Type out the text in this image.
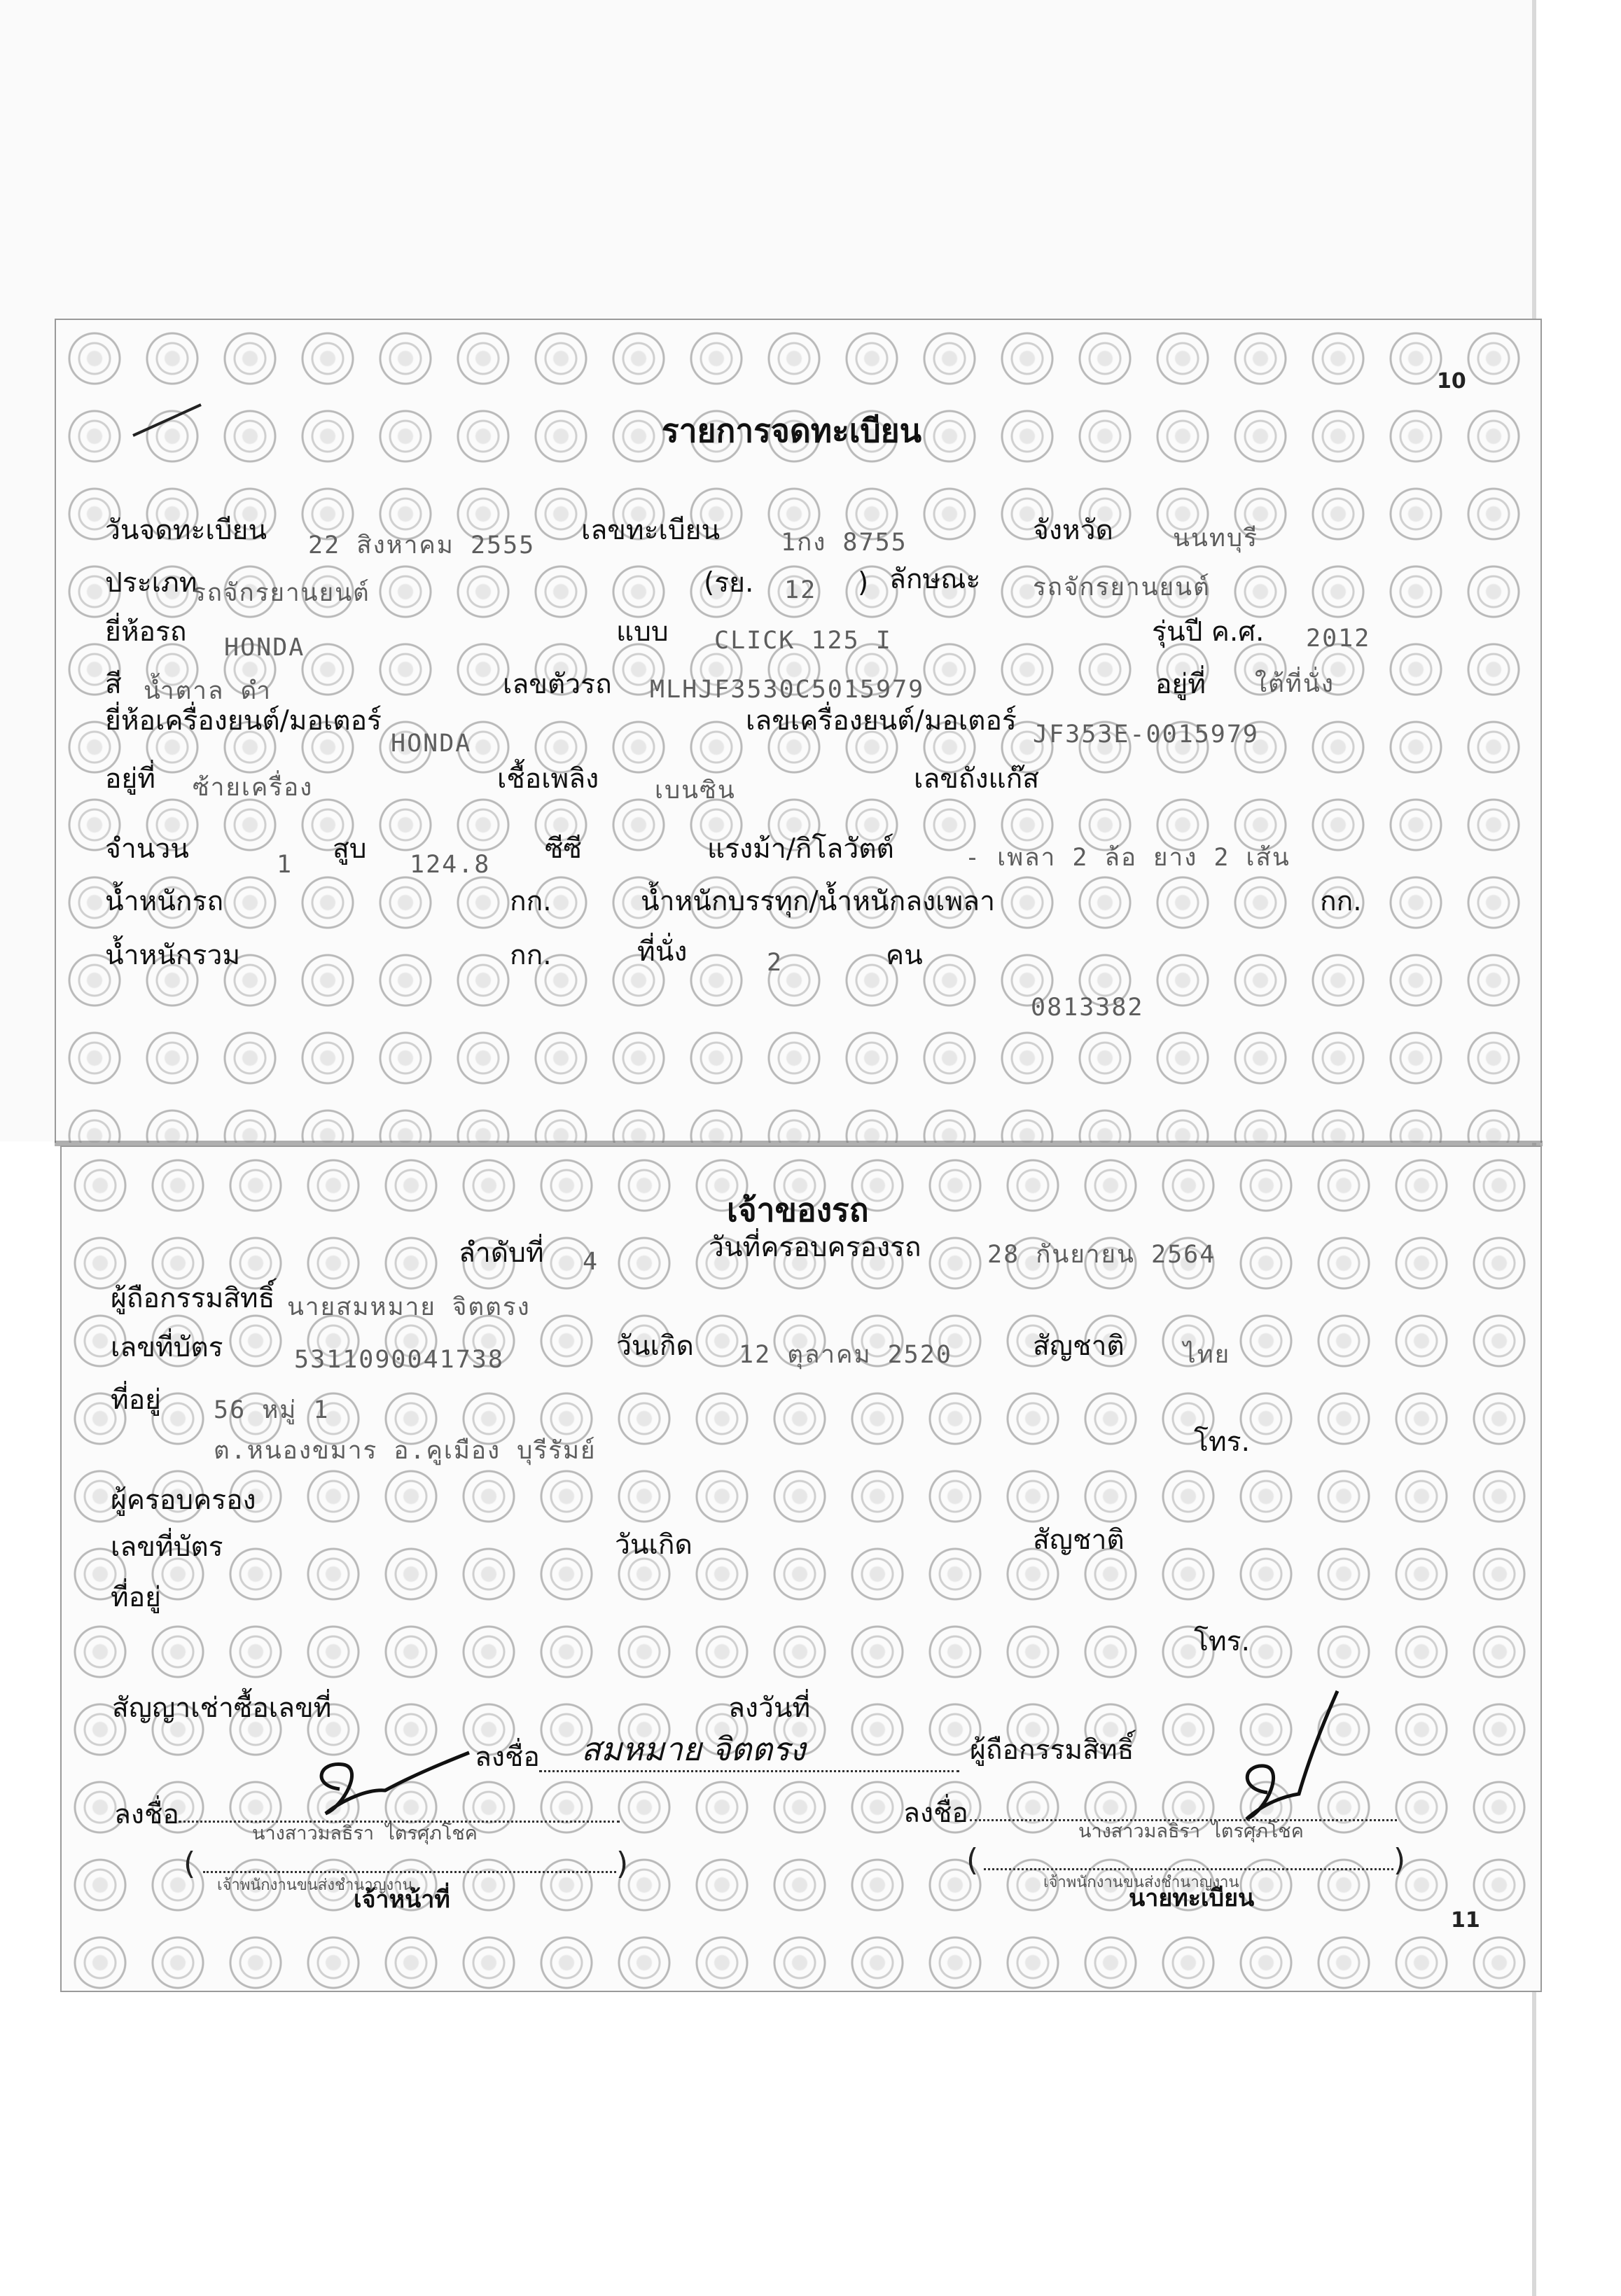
10
รายการจดทะเบียน
วันจดทะเบียน 22 สิงหาคม 2555 เลขทะเบียน 1กง 8755	จังหวัด นนทบุรี
ประเภท
รถจักรยานยนต์	(รย. 12 ) ลักษณะ รถจักรยานยนต์
ยี่ห้อรถ HONDA	แบบ CLICK 125 I	รุ่นปี ค.ศ. 2012
สี น้ำตาล ดำ	เลขตัวรถ MLHJF3530C5015979	อยู่ที่ ใต้ที่นั่ง
ยี่ห้อเครื่องยนต์/มอเตอร์
HONDA
เลขเครื่องยนต์/มอเตอร์ JF353E-0015979
อยู่ที่ ซ้ายเครื่อง	เชื้อเพลิง เบนซิน	เลขถังแก๊ส
จำนวน	1 สูบ 124.8 ซีซี	แรงม้า/กิโลวัตต์	- เพลา 2 ล้อ ยาง 2 เส้น
น้ำหนักรถ	กก.	น้ำหนักบรรทุก/น้ำหนักลงเพลา	กก.
น้ำหนักรวม	กก.	ที่นั่ง	2	คน
0813382
เจ้าของรถ
ลำดับที่ 4	วันที่ครอบครองรถ	28 กันยายน 2564
ผู้ถือกรรมสิทธิ์ นายสมหมาย จิตตรง
เลขที่บัตร	5311090041738	วันเกิด 12 ตุลาคม 2520	สัญชาติ ไทย
ที่อยู่ 56 หมู่ 1
ต.หนองขมาร อ.คูเมือง บุรีรัมย์	โทร.
ผู้ครอบครอง
เลขที่บัตร	วันเกิด	สัญชาติ
ที่อยู่
โทร.
สัญญาเช่าซื้อเลขที่	ลงวันที่
ลงชื่อ สมหมาย จิตตรง	ผู้ถือกรรมสิทธิ์
ลงชื่อ
นางสาวมลธิรา ไตรศุภโชค
(	)
เจ้าพนักงานขนส่งชำนาญงาน
เจ้าหน้าที่
ลงชื่อ
นางสาวมลธิรา ไตรศุภโชค
(	)
เจ้าพนักงานขนส่งชำนาญงาน
นายทะเบียน
11
